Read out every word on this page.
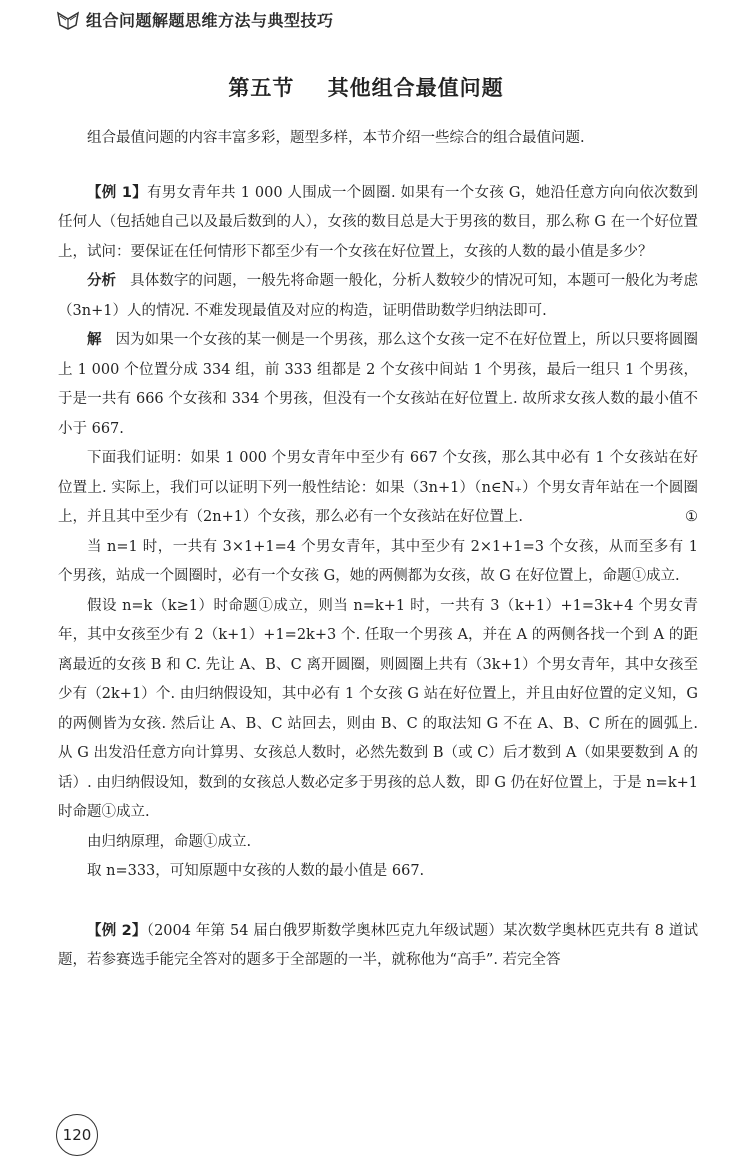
组合问题解题思维方法与典型技巧
第五节    其他组合最值问题

组合最值问题的内容丰富多彩，题型多样，本节介绍一些综合的组合最值问题.

【例 1】有男女青年共 1 000 人围成一个圆圈. 如果有一个女孩 G，她沿任意方向向依次数到任何人（包括她自己以及最后数到的人），女孩的数目总是大于男孩的数目，那么称 G 在一个好位置上，试问：要保证在任何情形下都至少有一个女孩在好位置上，女孩的人数的最小值是多少？

分析 具体数字的问题，一般先将命题一般化，分析人数较少的情况可知，本题可一般化为考虑（3n+1）人的情况. 不难发现最值及对应的构造，证明借助数学归纳法即可.

解 因为如果一个女孩的某一侧是一个男孩，那么这个女孩一定不在好位置上，所以只要将圆圈上 1 000 个位置分成 334 组，前 333 组都是 2 个女孩中间站 1 个男孩，最后一组只 1 个男孩，于是一共有 666 个女孩和 334 个男孩，但没有一个女孩站在好位置上. 故所求女孩人数的最小值不小于 667.

下面我们证明：如果 1 000 个男女青年中至少有 667 个女孩，那么其中必有 1 个女孩站在好位置上. 实际上，我们可以证明下列一般性结论：如果（3n+1）（n∈N₊）个男女青年站在一个圆圈上，并且其中至少有（2n+1）个女孩，那么必有一个女孩站在好位置上.	①

当 n=1 时，一共有 3×1+1=4 个男女青年，其中至少有 2×1+1=3 个女孩，从而至多有 1 个男孩，站成一个圆圈时，必有一个女孩 G，她的两侧都为女孩，故 G 在好位置上，命题①成立.

假设 n=k（k≥1）时命题①成立，则当 n=k+1 时，一共有 3（k+1）+1=3k+4 个男女青年，其中女孩至少有 2（k+1）+1=2k+3 个. 任取一个男孩 A，并在 A 的两侧各找一个到 A 的距离最近的女孩 B 和 C. 先让 A、B、C 离开圆圈，则圆圈上共有（3k+1）个男女青年，其中女孩至少有（2k+1）个. 由归纳假设知，其中必有 1 个女孩 G 站在好位置上，并且由好位置的定义知，G 的两侧皆为女孩. 然后让 A、B、C 站回去，则由 B、C 的取法知 G 不在 A、B、C 所在的圆弧上. 从 G 出发沿任意方向计算男、女孩总人数时，必然先数到 B（或 C）后才数到 A（如果要数到 A 的话）. 由归纳假设知，数到的女孩总人数必定多于男孩的总人数，即 G 仍在好位置上，于是 n=k+1 时命题①成立.

由归纳原理，命题①成立.

取 n=333，可知原题中女孩的人数的最小值是 667.

【例 2】（2004 年第 54 届白俄罗斯数学奥林匹克九年级试题）某次数学奥林匹克共有 8 道试题，若参赛选手能完全答对的题多于全部题的一半，就称他为“高手”. 若完全答

120
